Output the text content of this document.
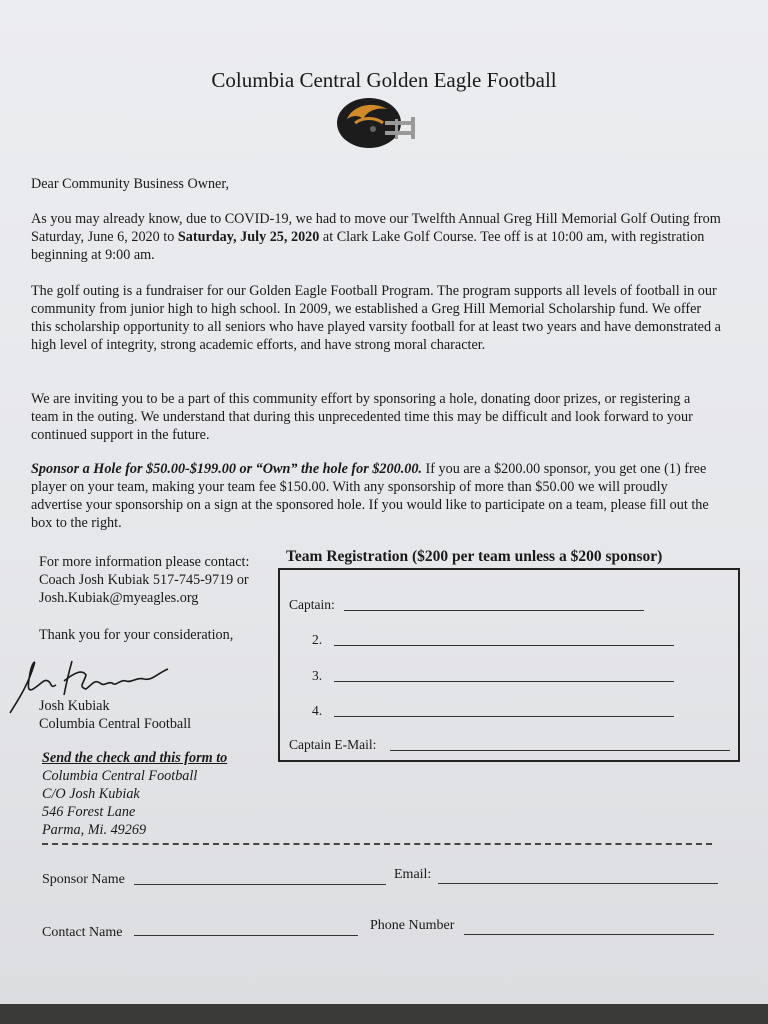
Columbia Central Golden Eagle Football
Dear Community Business Owner,
As you may already know, due to COVID-19, we had to move our Twelfth Annual Greg Hill Memorial Golf Outing from Saturday, June 6, 2020 to Saturday, July 25, 2020 at Clark Lake Golf Course. Tee off is at 10:00 am, with registration beginning at 9:00 am.
The golf outing is a fundraiser for our Golden Eagle Football Program. The program supports all levels of football in our community from junior high to high school. In 2009, we established a Greg Hill Memorial Scholarship fund. We offer this scholarship opportunity to all seniors who have played varsity football for at least two years and have demonstrated a high level of integrity, strong academic efforts, and have strong moral character.
We are inviting you to be a part of this community effort by sponsoring a hole, donating door prizes, or registering a team in the outing. We understand that during this unprecedented time this may be difficult and look forward to your continued support in the future.
Sponsor a Hole for $50.00-$199.00 or “Own” the hole for $200.00. If you are a $200.00 sponsor, you get one (1) free player on your team, making your team fee $150.00. With any sponsorship of more than $50.00 we will proudly advertise your sponsorship on a sign at the sponsored hole. If you would like to participate on a team, please fill out the box to the right.
For more information please contact:
Coach Josh Kubiak 517-745-9719 or
Josh.Kubiak@myeagles.org
Thank you for your consideration,
Josh Kubiak
Columbia Central Football
Send the check and this form to
Columbia Central Football
C/O Josh Kubiak
546 Forest Lane
Parma, Mi. 49269
Team Registration ($200 per team unless a $200 sponsor)
Captain:
2.
3.
4.
Captain E-Mail:
Sponsor Name	Email:
Contact Name	Phone Number
